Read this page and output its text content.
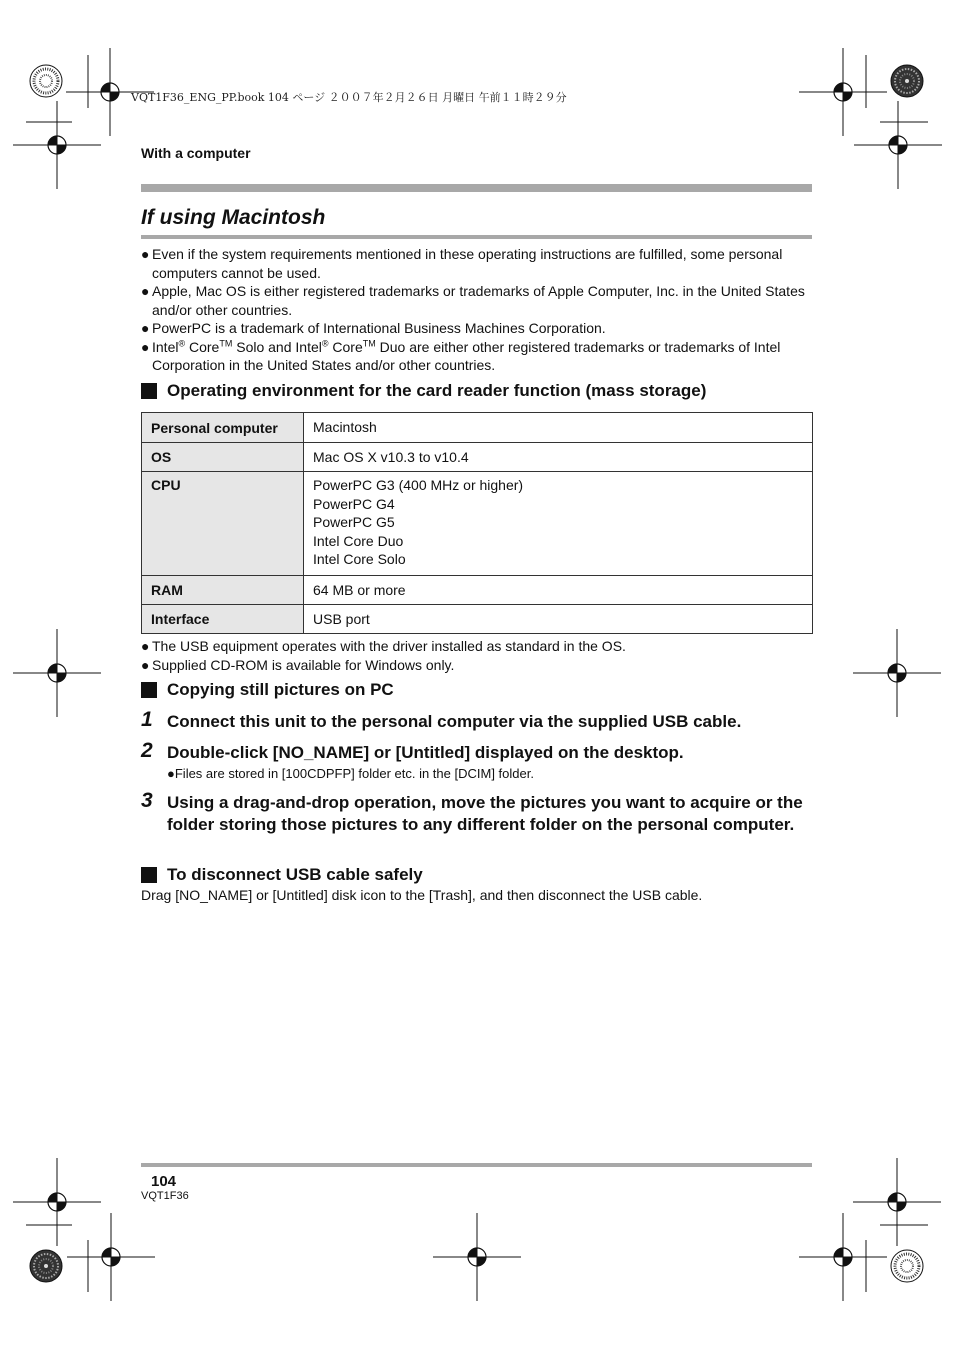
VQT1F36_ENG_PP.book 104 ページ ２００７年２月２６日 月曜日 午前１１時２９分
With a computer
If using Macintosh
● Even if the system requirements mentioned in these operating instructions are fulfilled, some personal computers cannot be used.
● Apple, Mac OS is either registered trademarks or trademarks of Apple Computer, Inc. in the United States and/or other countries.
● PowerPC is a trademark of International Business Machines Corporation.
● Intel® Core™ Solo and Intel® Core™ Duo are either other registered trademarks or trademarks of Intel Corporation in the United States and/or other countries.
Operating environment for the card reader function (mass storage)
Personal computer	Macintosh
OS	Mac OS X v10.3 to v10.4
CPU	PowerPC G3 (400 MHz or higher)
PowerPC G4
PowerPC G5
Intel Core Duo
Intel Core Solo

RAM	64 MB or more
Interface	USB port
● The USB equipment operates with the driver installed as standard in the OS.
● Supplied CD-ROM is available for Windows only.
Copying still pictures on PC
1 Connect this unit to the personal computer via the supplied USB cable.
2 Double-click [NO_NAME] or [Untitled] displayed on the desktop.
●Files are stored in [100CDPFP] folder etc. in the [DCIM] folder.
3 Using a drag-and-drop operation, move the pictures you want to acquire or the folder storing those pictures to any different folder on the personal computer.
To disconnect USB cable safely
Drag [NO_NAME] or [Untitled] disk icon to the [Trash], and then disconnect the USB cable.
104
VQT1F36
